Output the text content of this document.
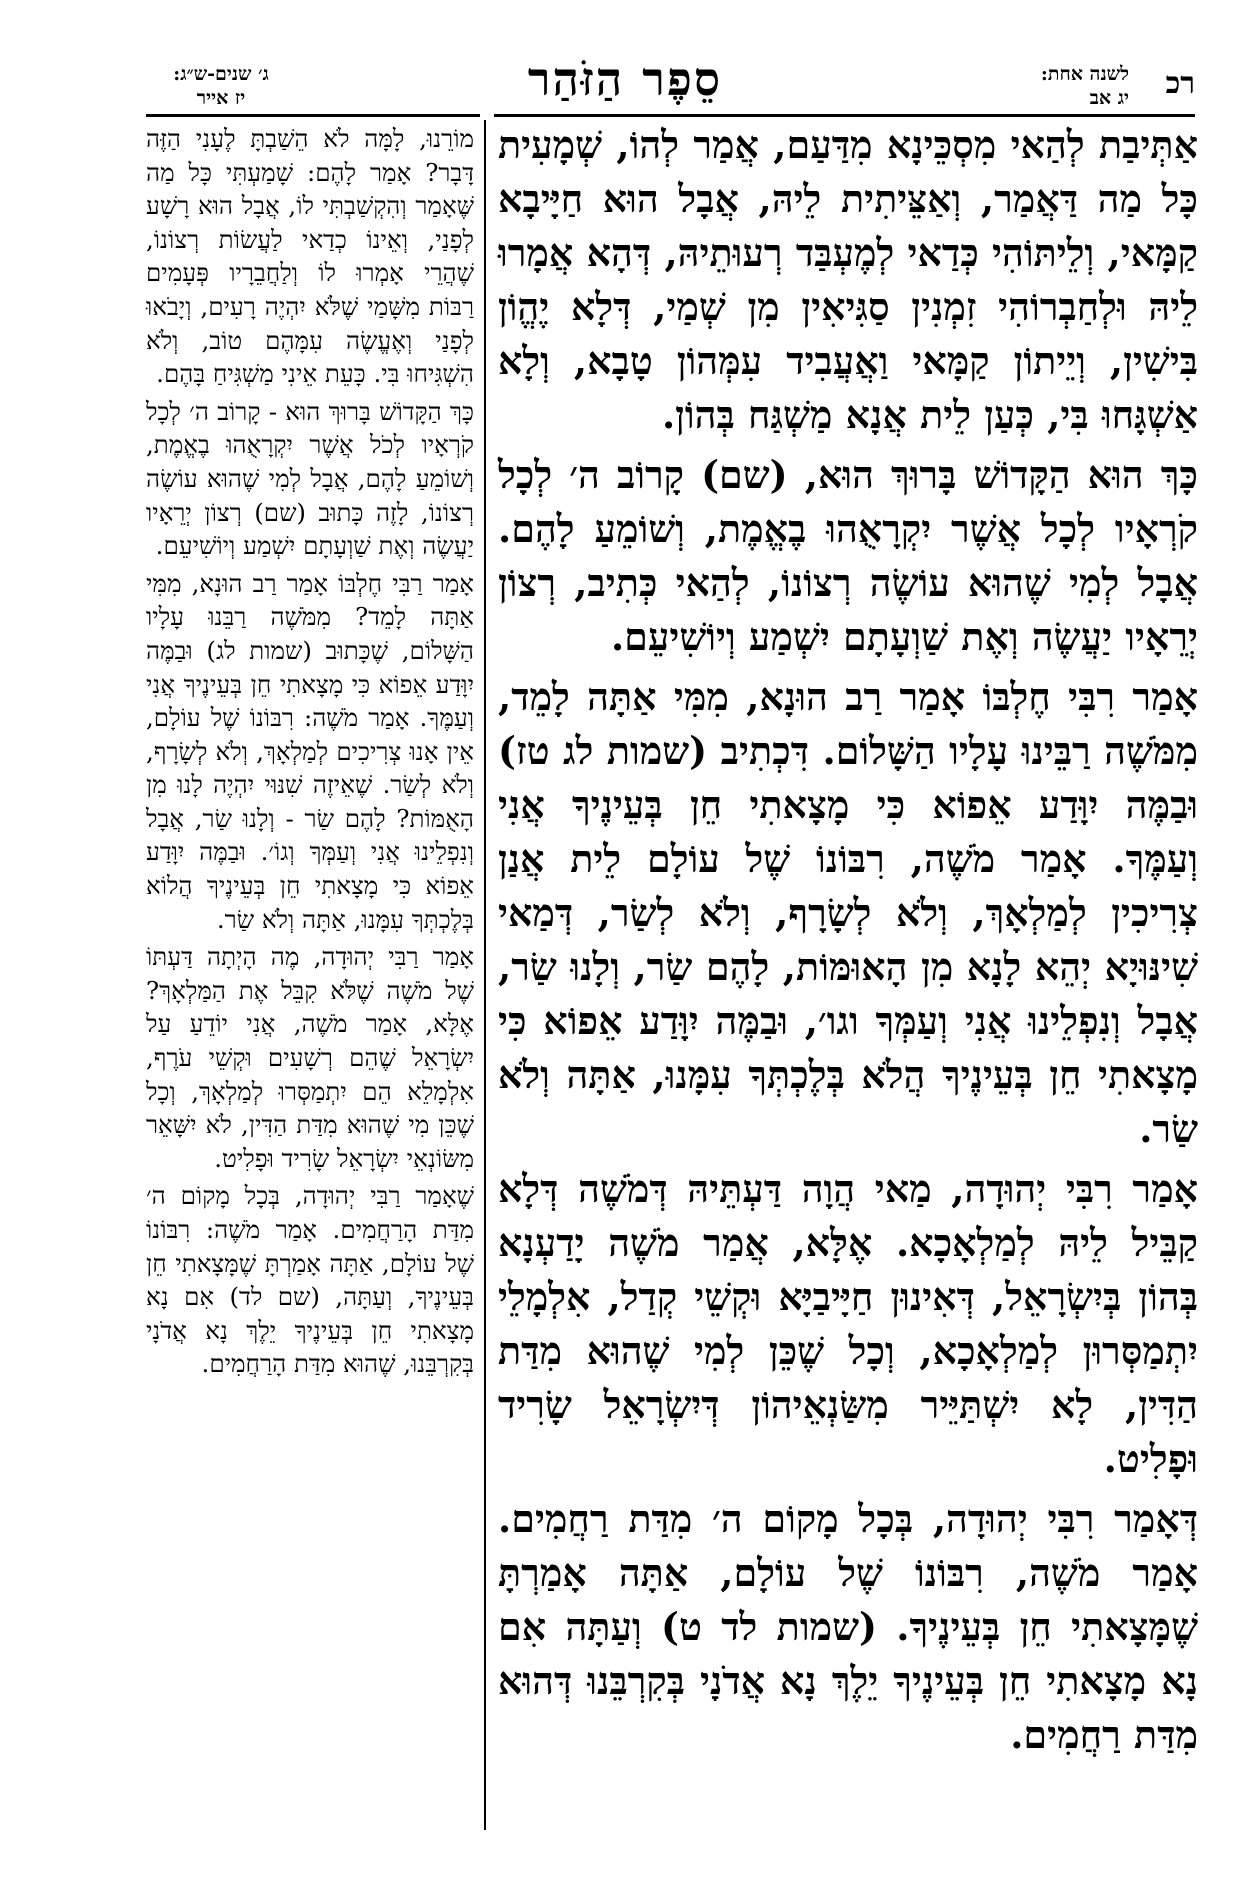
רכ
לשנה אחת:
יג אב
סֵפֶר הַזֹּהַר
ג׳ שנים-ש״ג:
יז אייר

אַתְּיבַת לְהַאי מִסְכֵּינָא מִדַּעַם, אֲמַר לְהוֹ, שְׁמָעִית כָּל מַה דַּאֲמַר, וְאַצֵּיתִית לֵיהּ, אֲבָל הוּא חַיָּיבָא קַמָּאי, וְלֵיתּוֹהִי כְּדַאי לְמֶעְבַּד רְעוּתֵיהּ, דְּהָא אֲמָרוּ לֵיהּ וּלְחַבְרוֹהִי זִמְנִין סַגִּיאִין מִן שְׁמַי, דְּלָא יֶהֱוֹן בִּישִׁין, וְיֵיתוֹן קַמָּאי וַאֲעֲבִיד עִמְּהוֹן טָבָא, וְלָא אַשְׁגָּחוּ בִּי, כְּעַן לֵית אֲנָא מַשְׁגַּח בְּהוֹן.

כָּךְ הוּא הַקָּדוֹשׁ בָּרוּךְ הוּא, (שם) קָרוֹב ה׳ לְכָל קֹרְאָיו לְכָל אֲשֶׁר יִקְרָאֻהוּ בֶאֱמֶת, וְשׁוֹמֵעַ לָהֶם. אֲבָל לְמִי שֶׁהוּא עוֹשֶׂה רְצוֹנוֹ, לְהַאי כְּתִיב, רְצוֹן יְרֵאָיו יַעֲשֶׂה וְאֶת שַׁוְעָתָם יִשְׁמַע וְיוֹשִׁיעֵם.

אָמַר רִבִּי חֶלְבּוֹ אָמַר רַב הוּנָא, מִמִּי אַתָּה לָמֵד, מִמֹּשֶׁה רַבֵּינוּ עָלָיו הַשָּׁלוֹם. דִּכְתִיב (שמות לג טז) וּבַמֶּה יִוָּדַע אֵפוֹא כִּי מָצָאתִי חֵן בְּעֵינֶיךָ אֲנִי וְעַמֶּךָ. אָמַר מֹשֶׁה, רִבּוֹנוֹ שֶׁל עוֹלָם לֵית אֲנַן צְרִיכִין לְמַלְאָךְ, וְלֹא לְשָׂרָף, וְלֹא לְשַׂר, דְּמַאי שִׁינּוּיָא יְהֵא לָנָא מִן הָאוּמּוֹת, לָהֶם שַׂר, וְלָנוּ שַׂר, אֲבָל וְנִפְלֵינוּ אֲנִי וְעַמְּךָ וגו׳, וּבַמֶּה יִוָּדַע אֵפוֹא כִּי מָצָאתִי חֵן בְּעֵינֶיךָ הֲלֹא בְּלֶכְתְּךָ עִמָּנוּ, אַתָּה וְלֹא שַׂר.

אָמַר רִבִּי יְהוּדָה, מַאי הֲוָה דַּעְתֵּיהּ דְּמֹשֶׁה דְּלָא קַבֵּיל לֵיהּ לְמַלְאָכָא. אֶלָּא, אֲמַר מֹשֶׁה יָדַעְנָא בְּהוֹן בְּיִשְׂרָאֵל, דְּאִינוּן חַיָּיבַיָּא וּקְשֵׁי קְדַל, אִלְמָלֵי יִתְמַסְּרוּן לְמַלְאָכָא, וְכָל שֶׁכֵּן לְמִי שֶׁהוּא מִדַּת הַדִּין, לָא יִשְׁתַּיֵּיר מִשַּׂנְאֵיהוֹן דְּיִשְׂרָאֵל שָׂרִיד וּפָלִיט.

דְּאָמַר רִבִּי יְהוּדָה, בְּכָל מָקוֹם ה׳ מִדַּת רַחֲמִים. אָמַר מֹשֶׁה, רִבּוֹנוֹ שֶׁל עוֹלָם, אַתָּה אָמַרְתָּ שֶׁמָּצָאתִי חֵן בְּעֵינֶיךָ. (שמות לד ט) וְעַתָּה אִם נָא מָצָאתִי חֵן בְּעֵינֶיךָ יֵלֶךְ נָא אֲדֹנָי בְּקִרְבֵּנוּ דְּהוּא מִדַּת רַחֲמִים.

מוֹרֵנוּ, לָמָּה לֹא הֵשַׁבְתָּ לֶעָנִי הַזֶּה דָּבָר? אָמַר לָהֶם: שָׁמַעְתִּי כָּל מַה שֶּׁאָמַר וְהִקְשַׁבְתִּי לוֹ, אֲבָל הוּא רָשָׁע לְפָנַי, וְאֵינוֹ כְדַאי לַעֲשׂוֹת רְצוֹנוֹ, שֶׁהֲרֵי אָמְרוּ לוֹ וְלַחֲבֵרָיו פְּעָמִים רַבּוֹת מִשָּׁמַי שֶׁלֹּא יִהְיֶה רָעִים, וְיָבֹאוּ לְפָנַי וְאֶעֱשֶׂה עִמָּהֶם טוֹב, וְלֹא הִשְׁגִּיחוּ בִּי. כָּעֵת אֵינִי מַשְׁגִּיחַ בָּהֶם.

כָּךְ הַקָּדוֹשׁ בָּרוּךְ הוּא - קָרוֹב ה׳ לְכָל קֹרְאָיו לְכֹל אֲשֶׁר יִקְרָאֻהוּ בֶאֱמֶת, וְשׁוֹמֵעַ לָהֶם, אֲבָל לְמִי שֶׁהוּא עוֹשֶׂה רְצוֹנוֹ, לָזֶה כָּתוּב (שם) רְצוֹן יְרֵאָיו יַעֲשֶׂה וְאֶת שַׁוְעָתָם יִשְׁמַע וְיוֹשִׁיעֵם.

אָמַר רַבִּי חֶלְבּוֹ אָמַר רַב הוּנָא, מִמִּי אַתָּה לָמֵד? מִמֹּשֶׁה רַבֵּנוּ עָלָיו הַשָּׁלוֹם, שֶׁכָּתוּב (שמות לג) וּבַמֶּה יִוָּדַע אֵפוֹא כִּי מָצָאתִי חֵן בְּעֵינֶיךָ אֲנִי וְעַמֶּךָ. אָמַר מֹשֶׁה: רִבּוֹנוֹ שֶׁל עוֹלָם, אֵין אָנוּ צְרִיכִים לְמַלְאָךְ, וְלֹא לְשָׂרָף, וְלֹא לְשַׂר. שֶׁאֵיזֶה שִׁנּוּי יִהְיֶה לָנוּ מִן הָאֻמּוֹת? לָהֶם שַׂר - וְלָנוּ שַׂר, אֲבָל וְנִפְלֵינוּ אֲנִי וְעַמְּךָ וְגוֹ׳. וּבַמֶּה יִוָּדַע אֵפוֹא כִּי מָצָאתִי חֵן בְּעֵינֶיךָ הֲלוֹא בְּלֶכְתְּךָ עִמָּנוּ, אַתָּה וְלֹא שַׂר.

אָמַר רַבִּי יְהוּדָה, מֶה הָיְתָה דַּעְתּוֹ שֶׁל מֹשֶׁה שֶׁלֹּא קִבֵּל אֶת הַמַּלְאָךְ? אֶלָּא, אָמַר מֹשֶׁה, אֲנִי יוֹדֵעַ עַל יִשְׂרָאֵל שֶׁהֵם רְשָׁעִים וּקְשֵׁי עֹרֶף, אִלְמָלֵא הֵם יִתְמַסְּרוּ לְמַלְאָךְ, וְכָל שֶׁכֵּן מִי שֶׁהוּא מִדַּת הַדִּין, לֹא יִשָּׁאֵר מִשּׂוֹנְאֵי יִשְׂרָאֵל שָׂרִיד וּפָלִיט.

שֶׁאָמַר רַבִּי יְהוּדָה, בְּכָל מָקוֹם ה׳ מִדַּת הָרַחֲמִים. אָמַר מֹשֶׁה: רִבּוֹנוֹ שֶׁל עוֹלָם, אַתָּה אָמַרְתָּ שֶׁמָּצָאתִי חֵן בְּעֵינֶיךָ, וְעַתָּה, (שם לד) אִם נָא מָצָאתִי חֵן בְּעֵינֶיךָ יֵלֶךְ נָא אֲדֹנָי בְּקִרְבֵּנוּ, שֶׁהוּא מִדַּת הָרַחֲמִים.
